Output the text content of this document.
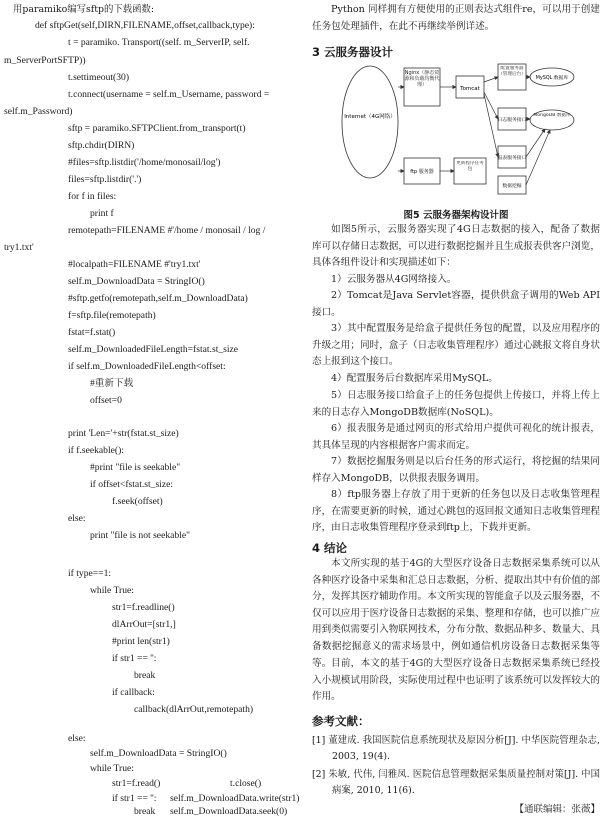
用paramiko编写sftp的下载函数:
def sftpGet(self,DIRN,FILENAME,offset,callback,type):
t = paramiko. Transport((self. m_ServerIP, self.
m_ServerPortSFTP))
t.settimeout(30)
t.connect(username = self.m_Username, password =
self.m_Password)
sftp = paramiko.SFTPClient.from_transport(t)
sftp.chdir(DIRN)
#files=sftp.listdir('/home/monosail/log')
files=sftp.listdir('.')
for f in files:
print f
remotepath=FILENAME #'/home / monosail / log /
try1.txt'
#localpath=FILENAME #'try1.txt'
self.m_DownloadData = StringIO()
#sftp.getfo(remotepath,self.m_DownloadData)
f=sftp.file(remotepath)
fstat=f.stat()
self.m_DownloadedFileLength=fstat.st_size
if self.m_DownloadedFileLength<offset:
#重新下载
offset=0
print 'Len='+str(fstat.st_size)
if f.seekable():
#print "file is seekable"
if offset<fstat.st_size:
f.seek(offset)
else:
print "file is not seekable"
if type==1:
while True:
str1=f.readline()
dlArrOut=[str1,]
#print len(str1)
if str1 == '':
break
if callback:
callback(dlArrOut,remotepath)
else:
self.m_DownloadData = StringIO()
while True:
str1=f.read()
if str1 == '':
break
self.m_DownloadData.write(str1)
self.m_DownloadData.seek(0)
t.close()

Python 同样拥有方便使用的正则表达式组件re，可以用于创建任务包处理插件，在此不再继续举例详述。

3 云服务器设计
Internet（4G网络）
Nginx（静态资源和负载均衡代理）
Tomcat
配置服务器（管理后台）
MySQL 数据库
日志服务接口
MongoDB 数据库
报表服务接口
数据挖掘
ftp 服务器
更新程序任务包
图5 云服务器架构设计图

如图5所示，云服务器实现了4G日志数据的接入，配备了数据库可以存储日志数据，可以进行数据挖掘并且生成报表供客户浏览，具体各组件设计和实现描述如下：

1）云服务器从4G网络接入。

2）Tomcat是Java Servlet容器，提供供盒子调用的Web API接口。

3）其中配置服务是给盒子提供任务包的配置，以及应用程序的升级之用；同时，盒子（日志收集管理程序）通过心跳报文将自身状态上报到这个接口。

4）配置服务后台数据库采用MySQL。

5）日志服务接口给盒子上的任务包提供上传接口，并将上传上来的日志存入MongoDB数据库(NoSQL)。

6）报表服务是通过网页的形式给用户提供可视化的统计报表，其具体呈现的内容根据客户需求而定。

7）数据挖掘服务则是以后台任务的形式运行，将挖掘的结果同样存入MongoDB，以供报表服务调用。

8）ftp服务器上存放了用于更新的任务包以及日志收集管理程序，在需要更新的时候，通过心跳包的返回报文通知日志收集管理程序，由日志收集管理程序登录到ftp上，下载并更新。

4 结论

本文所实现的基于4G的大型医疗设备日志数据采集系统可以从各种医疗设备中采集和汇总日志数据，分析、提取出其中有价值的部分，发挥其医疗辅助作用。本文所实现的智能盒子以及云服务器，不仅可以应用于医疗设备日志数据的采集、整理和存储，也可以推广应用到类似需要引入物联网技术，分布分散、数据品种多、数量大、具备数据挖掘意义的需求场景中，例如通信机房设备日志数据采集等等。 目前，本文的基于4G的大型医疗设备日志数据采集系统已经投入小规模试用阶段，实际使用过程中也证明了该系统可以发挥较大的作用。

参考文献：
[1] 董建成. 我国医院信息系统现状及原因分析[J]. 中华医院管理杂志, 2003, 19(4).
[2] 朱敏, 代伟, 闫雅凤. 医院信息管理数据采集质量控制对策[J]. 中国病案, 2010, 11(6).
【通联编辑：张薇】
